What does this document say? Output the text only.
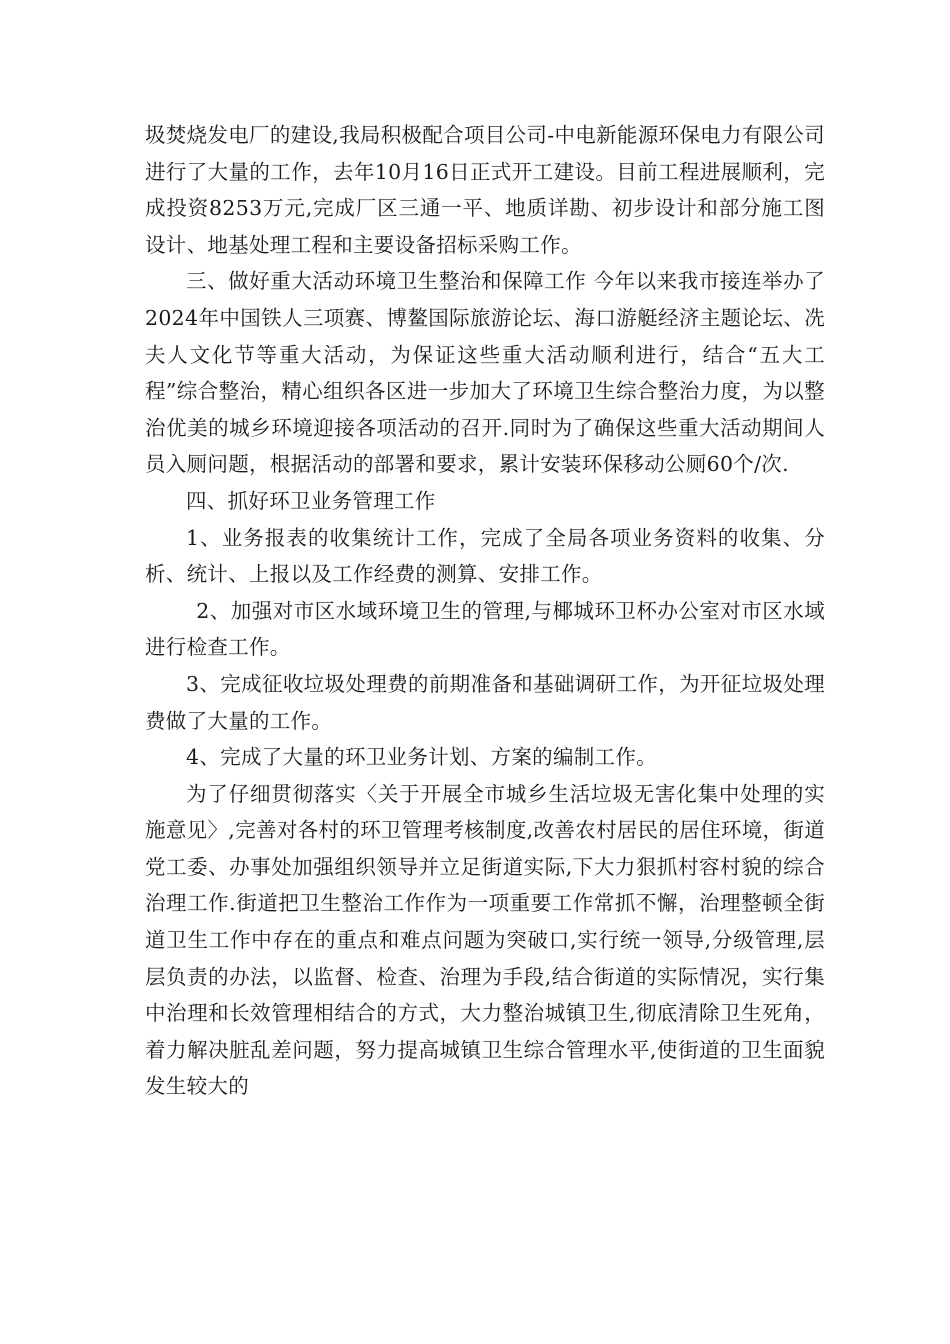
圾焚烧发电厂的建设,我局积极配合项目公司-中电新能源环保电力有限公司进行了大量的工作，去年10月16日正式开工建设。目前工程进展顺利，完成投资8253万元,完成厂区三通一平、地质详勘、初步设计和部分施工图设计、地基处理工程和主要设备招标采购工作。

三、做好重大活动环境卫生整治和保障工作 今年以来我市接连举办了2024年中国铁人三项赛、博鳌国际旅游论坛、海口游艇经济主题论坛、冼夫人文化节等重大活动，为保证这些重大活动顺利进行，结合“五大工程”综合整治，精心组织各区进一步加大了环境卫生综合整治力度，为以整治优美的城乡环境迎接各项活动的召开.同时为了确保这些重大活动期间人员入厕问题，根据活动的部署和要求，累计安装环保移动公厕60个/次.

四、抓好环卫业务管理工作

1、业务报表的收集统计工作，完成了全局各项业务资料的收集、分析、统计、上报以及工作经费的测算、安排工作。

2、加强对市区水域环境卫生的管理,与椰城环卫杯办公室对市区水域进行检查工作。

3、完成征收垃圾处理费的前期准备和基础调研工作，为开征垃圾处理费做了大量的工作。

4、完成了大量的环卫业务计划、方案的编制工作。

为了仔细贯彻落实〈关于开展全市城乡生活垃圾无害化集中处理的实施意见〉,完善对各村的环卫管理考核制度,改善农村居民的居住环境，街道党工委、办事处加强组织领导并立足街道实际,下大力狠抓村容村貌的综合治理工作.街道把卫生整治工作作为一项重要工作常抓不懈，治理整顿全街道卫生工作中存在的重点和难点问题为突破口,实行统一领导,分级管理,层层负责的办法，以监督、检查、治理为手段,结合街道的实际情况，实行集中治理和长效管理相结合的方式，大力整治城镇卫生,彻底清除卫生死角，着力解决脏乱差问题，努力提高城镇卫生综合管理水平,使街道的卫生面貌发生较大的
